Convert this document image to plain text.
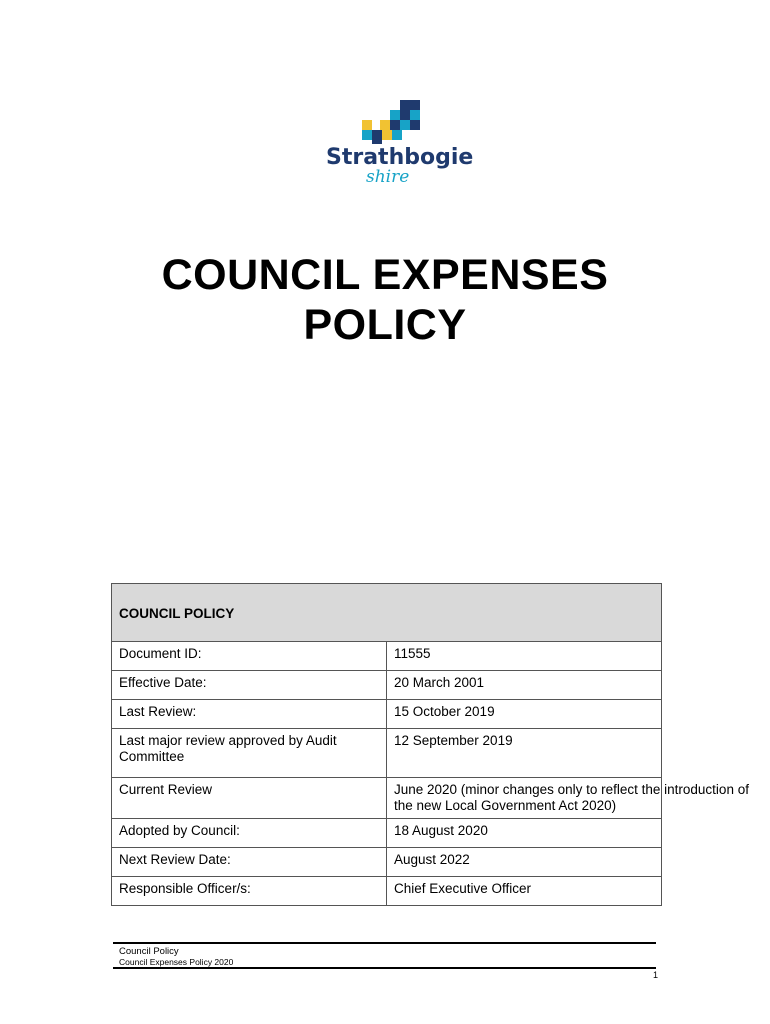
Strathbogie
shire
COUNCIL EXPENSES
POLICY
COUNCIL POLICY	
Document ID:	11555
Effective Date:	20 March 2001
Last Review:	15 October 2019
Last major review approved by Audit Committee	12 September 2019
Current Review	June 2020 (minor changes only to reflect the introduction of
the new Local Government Act 2020)

Adopted by Council:	18 August 2020
Next Review Date:	August 2022
Responsible Officer/s:	Chief Executive Officer
Council Policy
Council Expenses Policy 2020
1
